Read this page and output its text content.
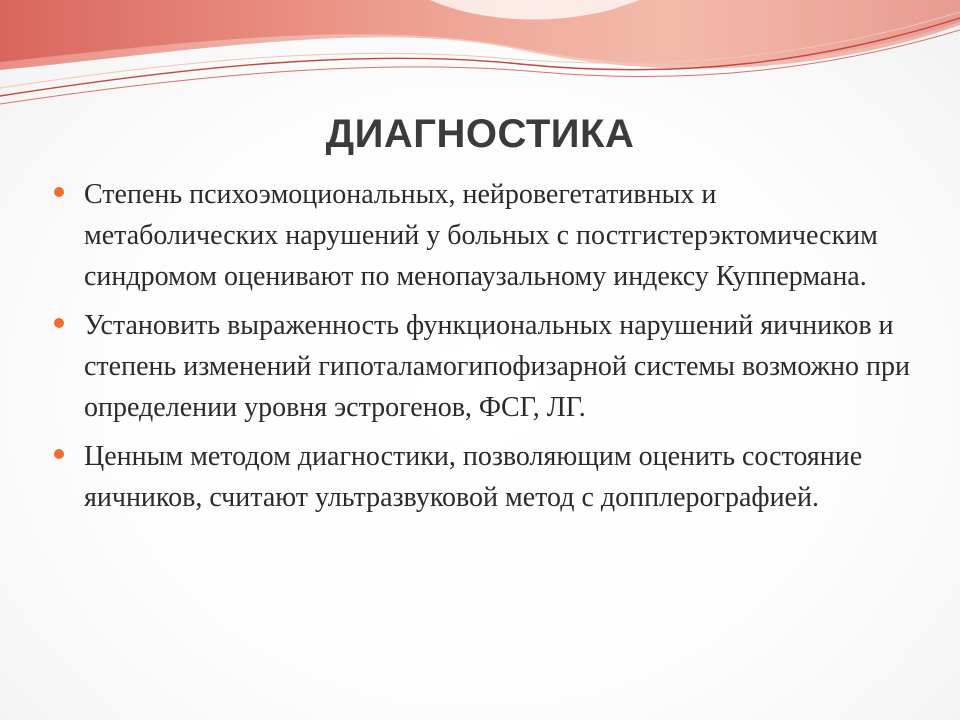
ДИАГНОСТИКА
Степень психоэмоциональных, нейровегетативных и метаболических нарушений у больных с постгистерэктомическим синдромом оценивают по менопаузальному индексу Куппермана.
Установить выраженность функциональных нарушений яичников и степень изменений гипоталамогипофизарной системы возможно при определении уровня эстрогенов, ФСГ, ЛГ.
Ценным методом диагностики, позволяющим оценить состояние яичников, считают ультразвуковой метод с допплерографией.
